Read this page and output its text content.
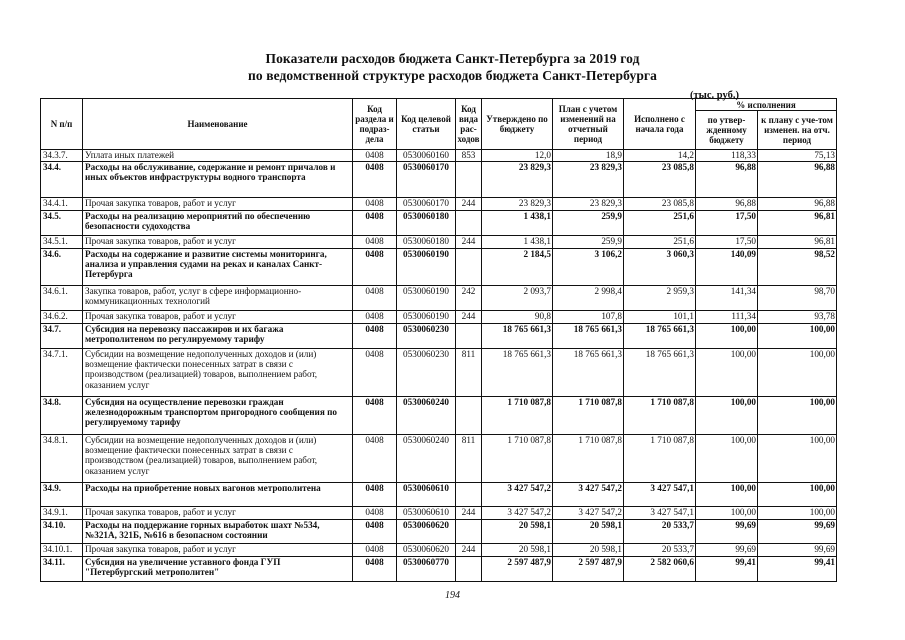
Показатели расходов бюджета Санкт-Петербурга за 2019 год
по ведомственной структуре расходов бюджета Санкт-Петербурга
(тыс. руб.)
N п/п	Наименование	Код раздела и подраз-дела	Код целевой статьи	Код вида рас-ходов	Утверждено по бюджету	План с учетом изменений на отчетный период	Исполнено с начала года	% исполнения	
								по утвер-жденному бюджету	к плану с уче-том изменен. на отч. период
34.3.7.	Уплата иных платежей	0408	0530060160	853	12,0	18,9	14,2	118,33	75,13
34.4.	Расходы на обслуживание, содержание и ремонт причалов и иных объектов инфраструктуры водного транспорта	0408	0530060170		23 829,3	23 829,3	23 085,8	96,88	96,88
34.4.1.	Прочая закупка товаров, работ и услуг	0408	0530060170	244	23 829,3	23 829,3	23 085,8	96,88	96,88
34.5.	Расходы на реализацию мероприятий по обеспечению безопасности судоходства	0408	0530060180		1 438,1	259,9	251,6	17,50	96,81
34.5.1.	Прочая закупка товаров, работ и услуг	0408	0530060180	244	1 438,1	259,9	251,6	17,50	96,81
34.6.	Расходы на содержание и развитие системы мониторинга, анализа и управления судами на реках и каналах Санкт-Петербурга	0408	0530060190		2 184,5	3 106,2	3 060,3	140,09	98,52
34.6.1.	Закупка товаров, работ, услуг в сфере информационно-коммуникационных технологий	0408	0530060190	242	2 093,7	2 998,4	2 959,3	141,34	98,70
34.6.2.	Прочая закупка товаров, работ и услуг	0408	0530060190	244	90,8	107,8	101,1	111,34	93,78
34.7.	Субсидия на перевозку пассажиров и их багажа метрополитеном по регулируемому тарифу	0408	0530060230		18 765 661,3	18 765 661,3	18 765 661,3	100,00	100,00
34.7.1.	Субсидии на возмещение недополученных доходов и (или) возмещение фактически понесенных затрат в связи с производством (реализацией) товаров, выполнением работ, оказанием услуг	0408	0530060230	811	18 765 661,3	18 765 661,3	18 765 661,3	100,00	100,00
34.8.	Субсидия на осуществление перевозки граждан железнодорожным транспортом пригородного сообщения по регулируемому тарифу	0408	0530060240		1 710 087,8	1 710 087,8	1 710 087,8	100,00	100,00
34.8.1.	Субсидии на возмещение недополученных доходов и (или) возмещение фактически понесенных затрат в связи с производством (реализацией) товаров, выполнением работ, оказанием услуг	0408	0530060240	811	1 710 087,8	1 710 087,8	1 710 087,8	100,00	100,00
34.9.	Расходы на приобретение новых вагонов метрополитена	0408	0530060610		3 427 547,2	3 427 547,2	3 427 547,1	100,00	100,00
34.9.1.	Прочая закупка товаров, работ и услуг	0408	0530060610	244	3 427 547,2	3 427 547,2	3 427 547,1	100,00	100,00
34.10.	Расходы на поддержание горных выработок шахт №534, №321А, 321Б, №616 в безопасном состоянии	0408	0530060620		20 598,1	20 598,1	20 533,7	99,69	99,69
34.10.1.	Прочая закупка товаров, работ и услуг	0408	0530060620	244	20 598,1	20 598,1	20 533,7	99,69	99,69
34.11.	Субсидия на увеличение уставного фонда ГУП "Петербургский метрополитен"	0408	0530060770		2 597 487,9	2 597 487,9	2 582 060,6	99,41	99,41
194
